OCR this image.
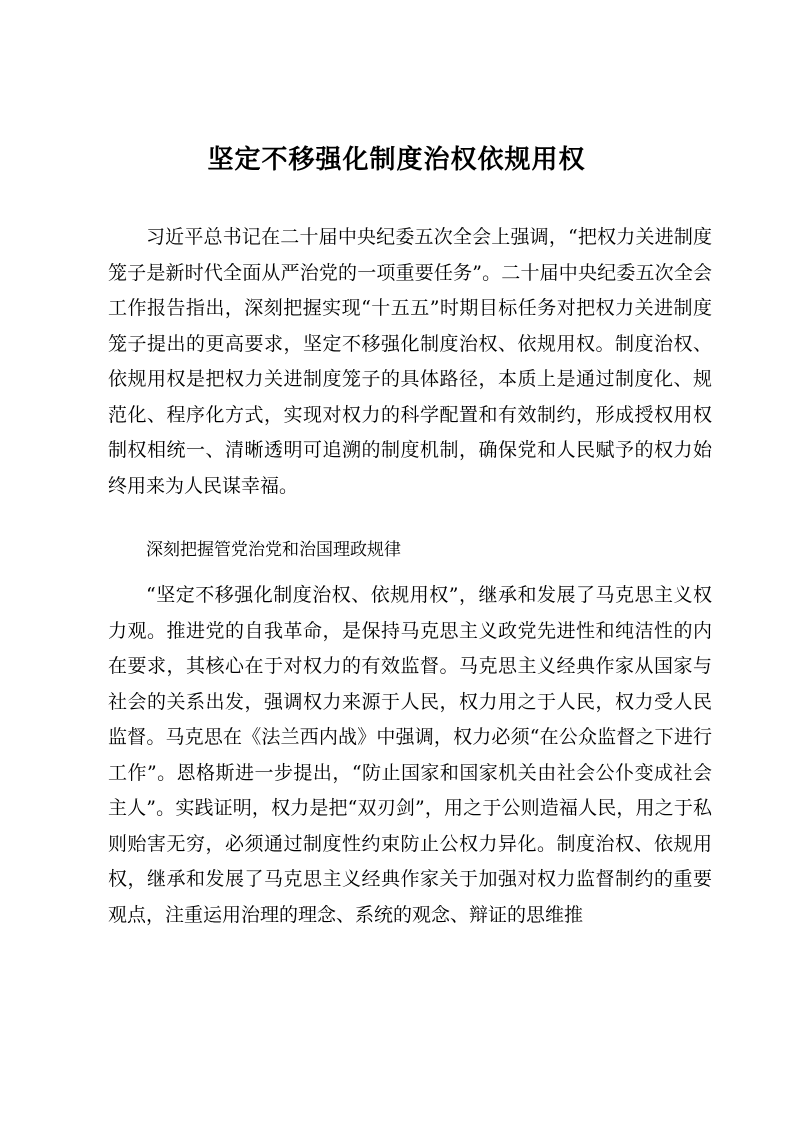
坚定不移强化制度治权依规用权

习近平总书记在二十届中央纪委五次全会上强调，“把权力关进制度笼子是新时代全面从严治党的一项重要任务”。二十届中央纪委五次全会工作报告指出，深刻把握实现“十五五”时期目标任务对把权力关进制度笼子提出的更高要求，坚定不移强化制度治权、依规用权。制度治权、依规用权是把权力关进制度笼子的具体路径，本质上是通过制度化、规范化、程序化方式，实现对权力的科学配置和有效制约，形成授权用权制权相统一、清晰透明可追溯的制度机制，确保党和人民赋予的权力始终用来为人民谋幸福。

深刻把握管党治党和治国理政规律

“坚定不移强化制度治权、依规用权”，继承和发展了马克思主义权力观。推进党的自我革命，是保持马克思主义政党先进性和纯洁性的内在要求，其核心在于对权力的有效监督。马克思主义经典作家从国家与社会的关系出发，强调权力来源于人民，权力用之于人民，权力受人民监督。马克思在《法兰西内战》中强调，权力必须“在公众监督之下进行工作”。恩格斯进一步提出，“防止国家和国家机关由社会公仆变成社会主人”。实践证明，权力是把“双刃剑”，用之于公则造福人民，用之于私则贻害无穷，必须通过制度性约束防止公权力异化。制度治权、依规用权，继承和发展了马克思主义经典作家关于加强对权力监督制约的重要观点，注重运用治理的理念、系统的观念、辩证的思维推
